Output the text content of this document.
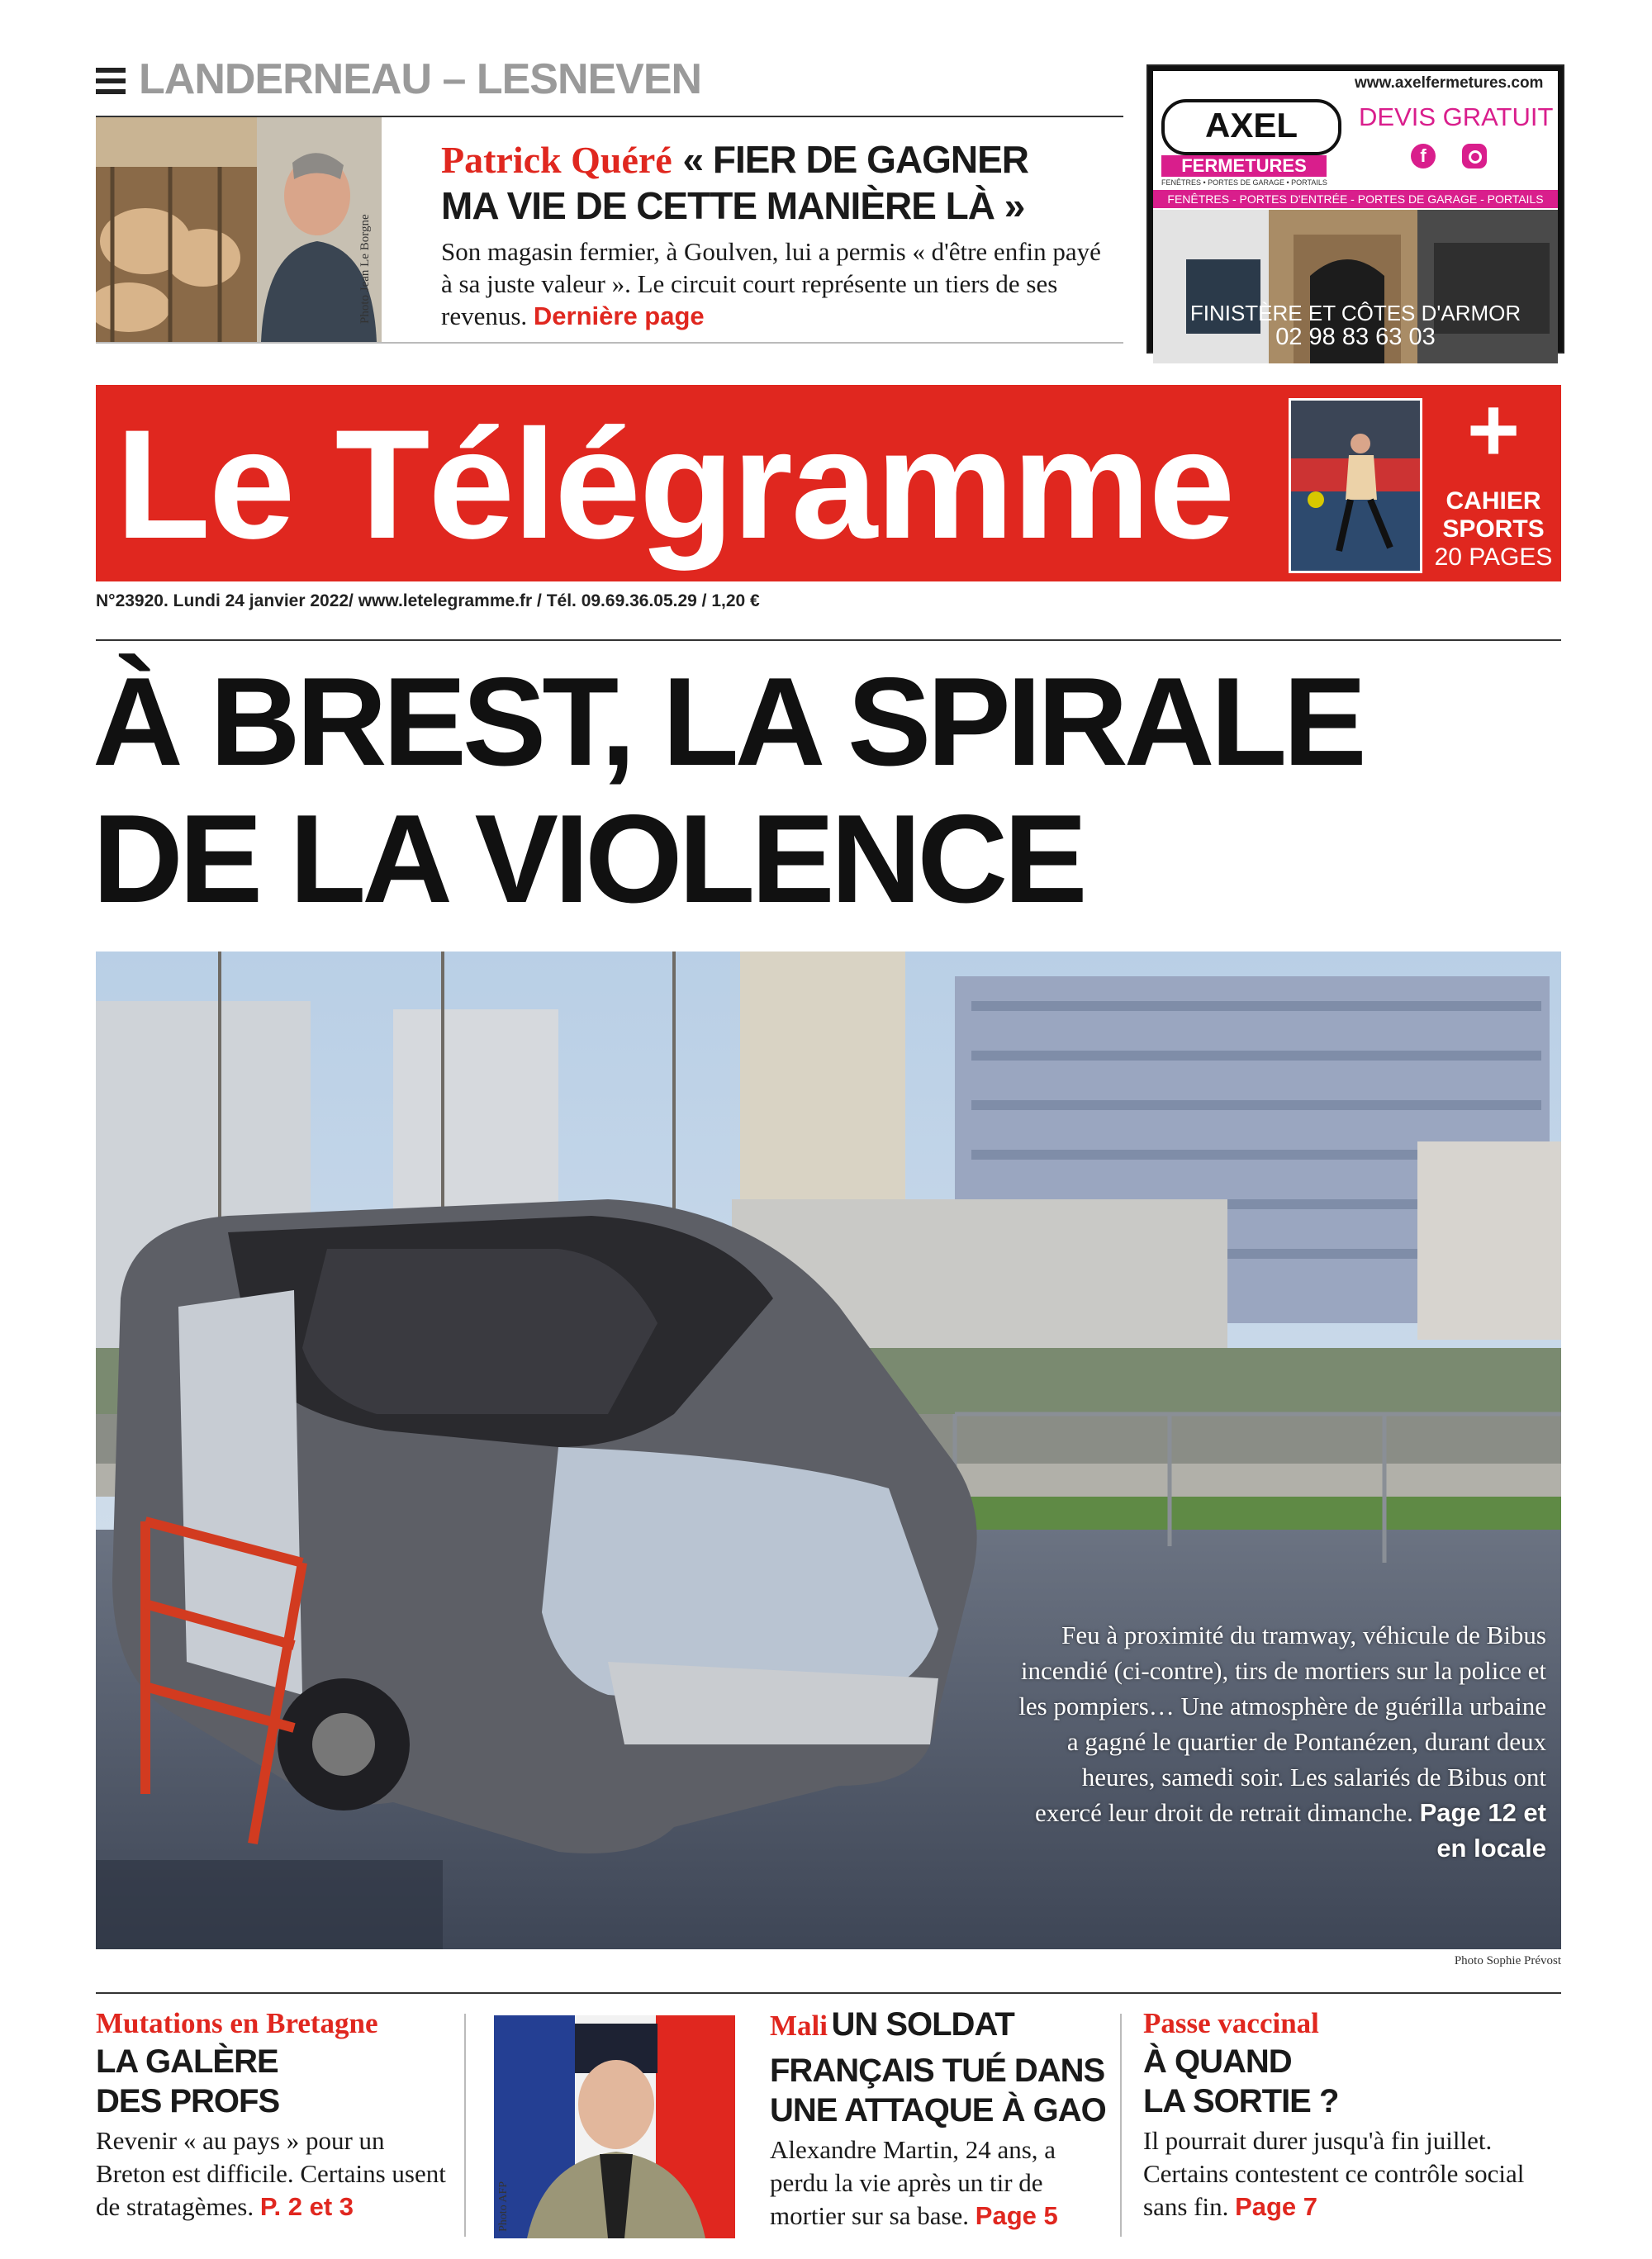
LANDERNEAU – LESNEVEN
Photo Jean Le Borgne
Patrick Quéré « FIER DE GAGNER
MA VIE DE CETTE MANIÈRE LÀ »
Son magasin fermier, à Goulven, lui a permis « d'être enfin payé à sa juste valeur ». Le circuit court représente un tiers de ses revenus. Dernière page
www.axelfermetures.com
AXEL
FERMETURES
FENÊTRES • PORTES DE GARAGE • PORTAILS
DEVIS GRATUIT
f
FENÊTRES - PORTES D'ENTRÉE - PORTES DE GARAGE - PORTAILS
FINISTÈRE ET CÔTES D'ARMOR
02 98 83 63 03
Le Télégramme	+
CAHIER
SPORTS
20 PAGES
N°23920. Lundi 24 janvier 2022/ www.letelegramme.fr / Tél. 09.69.36.05.29 / 1,20 €
À BREST, LA SPIRALE
DE LA VIOLENCE
Feu à proximité du tramway, véhicule de Bibus incendié (ci-contre), tirs de mortiers sur la police et les pompiers… Une atmosphère de guérilla urbaine a gagné le quartier de Pontanézen, durant deux heures, samedi soir. Les salariés de Bibus ont exercé leur droit de retrait dimanche. Page 12 et en locale
Photo Sophie Prévost
Mutations en Bretagne
LA GALÈRE
DES PROFS
Revenir « au pays » pour un Breton est difficile. Certains usent de stratagèmes. P. 2 et 3	Photo AFP
Mali UN SOLDAT
FRANÇAIS TUÉ DANS
UNE ATTAQUE À GAO
Alexandre Martin, 24 ans, a perdu la vie après un tir de mortier sur sa base. Page 5
Passe vaccinal
À QUAND
LA SORTIE ?
Il pourrait durer jusqu'à fin juillet. Certains contestent ce contrôle social sans fin. Page 7
